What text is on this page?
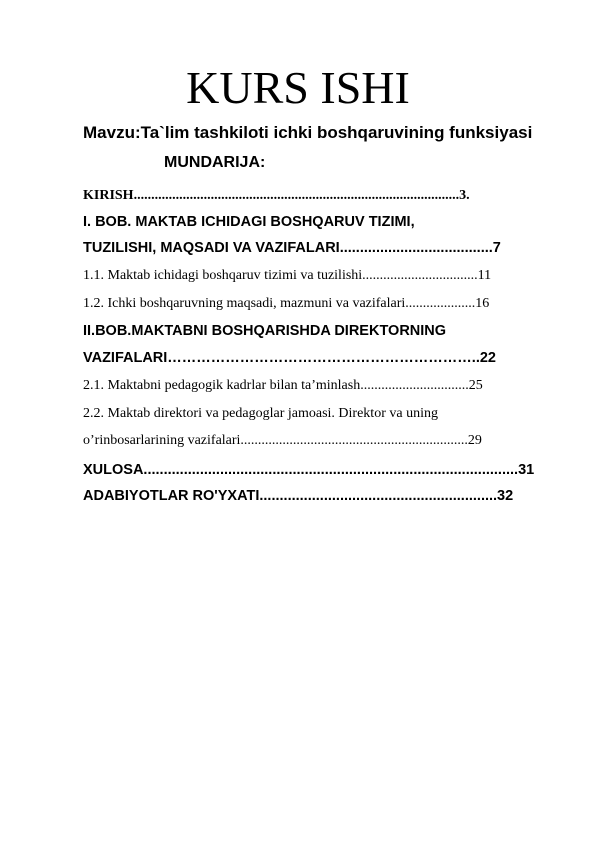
KURS ISHI
Mavzu:Ta`lim tashkiloti ichki boshqaruvining funksiyasi
MUNDARIJA:
KIRISH.............................................................................................3.
I. BOB. MAKTAB ICHIDAGI BOSHQARUV TIZIMI,
TUZILISHI, MAQSADI VA VAZIFALARI......................................7
1.1. Maktab ichidagi boshqaruv tizimi va tuzilishi.................................11
1.2. Ichki boshqaruvning maqsadi, mazmuni va vazifalari....................16
II.BOB.MAKTABNI BOSHQARISHDA DIREKTORNING
VAZIFALARI………………………………………………………..22
2.1. Maktabni pedagogik kadrlar bilan ta’minlash...............................25
2.2. Maktab direktori va pedagoglar jamoasi. Direktor va uning
o’rinbosarlarining vazifalari.................................................................29
XULOSA.............................................................................................31
ADABIYOTLAR RO'YXATI...........................................................32
